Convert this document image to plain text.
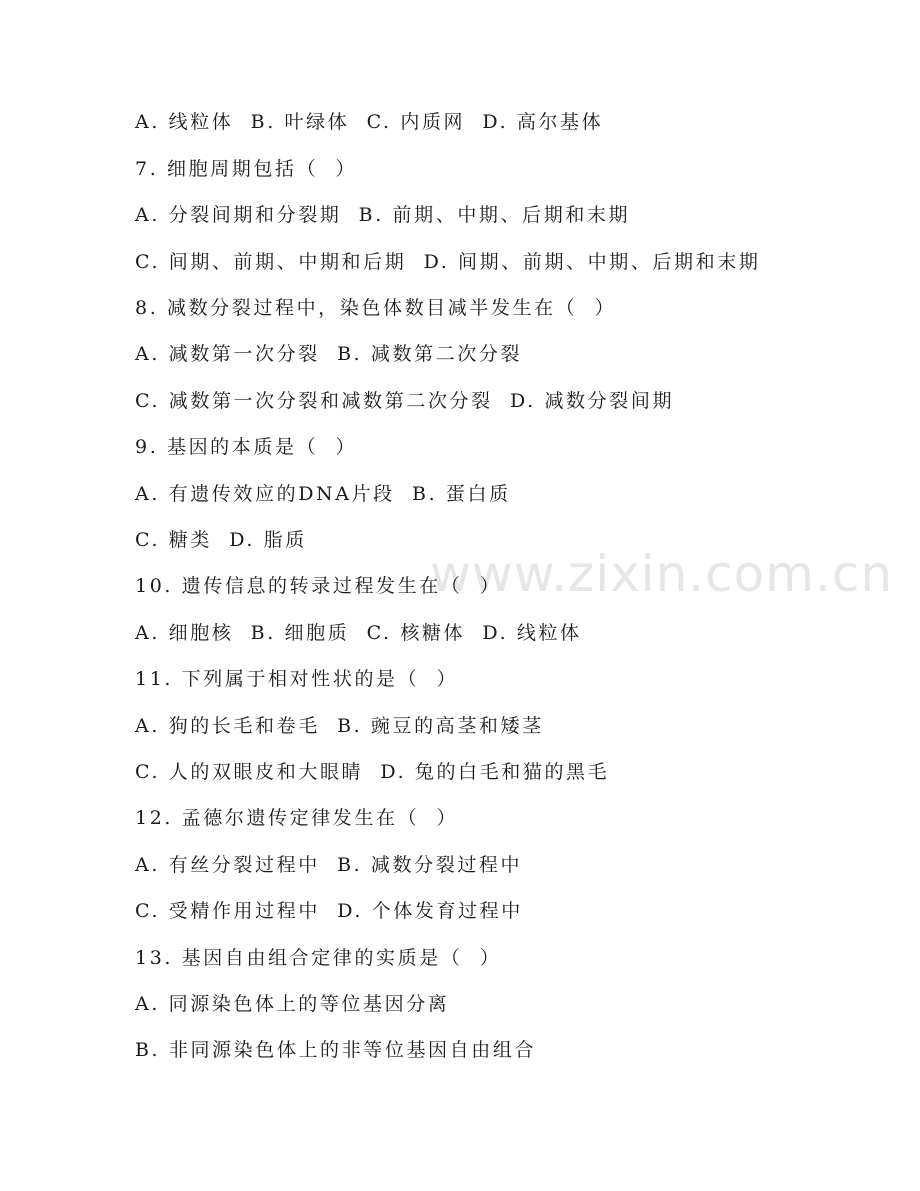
www.zixin.com.cn
A. 线粒体  B. 叶绿体  C. 内质网  D. 高尔基体
7. 细胞周期包括（  ）
A. 分裂间期和分裂期  B. 前期、中期、后期和末期
C. 间期、前期、中期和后期  D. 间期、前期、中期、后期和末期
8. 减数分裂过程中，染色体数目减半发生在（  ）
A. 减数第一次分裂  B. 减数第二次分裂
C. 减数第一次分裂和减数第二次分裂  D. 减数分裂间期
9. 基因的本质是（  ）
A. 有遗传效应的DNA片段  B. 蛋白质
C. 糖类  D. 脂质
10. 遗传信息的转录过程发生在（  ）
A. 细胞核  B. 细胞质  C. 核糖体  D. 线粒体
11. 下列属于相对性状的是（  ）
A. 狗的长毛和卷毛  B. 豌豆的高茎和矮茎
C. 人的双眼皮和大眼睛  D. 兔的白毛和猫的黑毛
12. 孟德尔遗传定律发生在（  ）
A. 有丝分裂过程中  B. 减数分裂过程中
C. 受精作用过程中  D. 个体发育过程中
13. 基因自由组合定律的实质是（  ）
A. 同源染色体上的等位基因分离
B. 非同源染色体上的非等位基因自由组合
